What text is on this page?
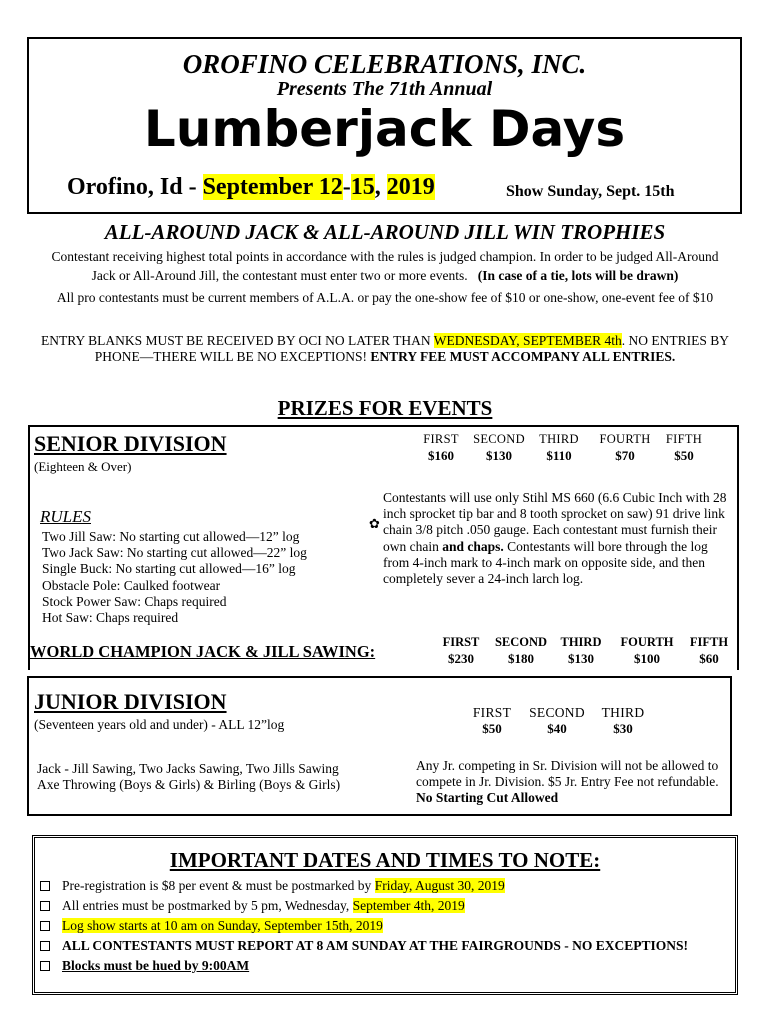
OROFINO CELEBRATIONS, INC.
Presents The 71th Annual
Lumberjack Days
Orofino, Id - September 12-15, 2019	Show Sunday, Sept. 15th
ALL-AROUND JACK & ALL-AROUND JILL WIN TROPHIES
Contestant receiving highest total points in accordance with the rules is judged champion. In order to be judged All-Around Jack or All-Around Jill, the contestant must enter two or more events. (In case of a tie, lots will be drawn)
All pro contestants must be current members of A.L.A. or pay the one-show fee of $10 or one-show, one-event fee of $10
ENTRY BLANKS MUST BE RECEIVED BY OCI NO LATER THAN WEDNESDAY, SEPTEMBER 4th. NO ENTRIES BY PHONE—THERE WILL BE NO EXCEPTIONS! ENTRY FEE MUST ACCOMPANY ALL ENTRIES.
PRIZES FOR EVENTS
SENIOR DIVISION
(Eighteen & Over)
FIRST	SECOND	THIRD	FOURTH	FIFTH
$160	$130	$110	$70	$50
RULES
Two Jill Saw: No starting cut allowed—12” log
Two Jack Saw: No starting cut allowed—22” log
Single Buck: No starting cut allowed—16” log
Obstacle Pole: Caulked footwear
Stock Power Saw: Chaps required
Hot Saw: Chaps required
✿
Contestants will use only Stihl MS 660 (6.6 Cubic Inch with 28 inch sprocket tip bar and 8 tooth sprocket on saw) 91 drive link chain 3/8 pitch .050 gauge. Each contestant must furnish their own chain and chaps. Contestants will bore through the log from 4-inch mark to 4-inch mark on opposite side, and then completely sever a 24-inch larch log.
WORLD CHAMPION JACK & JILL SAWING:	FIRST	SECOND	THIRD	FOURTH	FIFTH
$230	$180	$130	$100	$60
JUNIOR DIVISION
(Seventeen years old and under) - ALL 12”log
FIRST	SECOND	THIRD
$50	$40	$30
Jack - Jill Sawing, Two Jacks Sawing, Two Jills Sawing
Axe Throwing (Boys & Girls) & Birling (Boys & Girls)
Any Jr. competing in Sr. Division will not be allowed to compete in Jr. Division. $5 Jr. Entry Fee not refundable. No Starting Cut Allowed
IMPORTANT DATES AND TIMES TO NOTE:
Pre-registration is $8 per event & must be postmarked by Friday, August 30, 2019
All entries must be postmarked by 5 pm, Wednesday, September 4th, 2019
Log show starts at 10 am on Sunday, September 15th, 2019
ALL CONTESTANTS MUST REPORT AT 8 AM SUNDAY AT THE FAIRGROUNDS - NO EXCEPTIONS!
Blocks must be hued by 9:00AM
